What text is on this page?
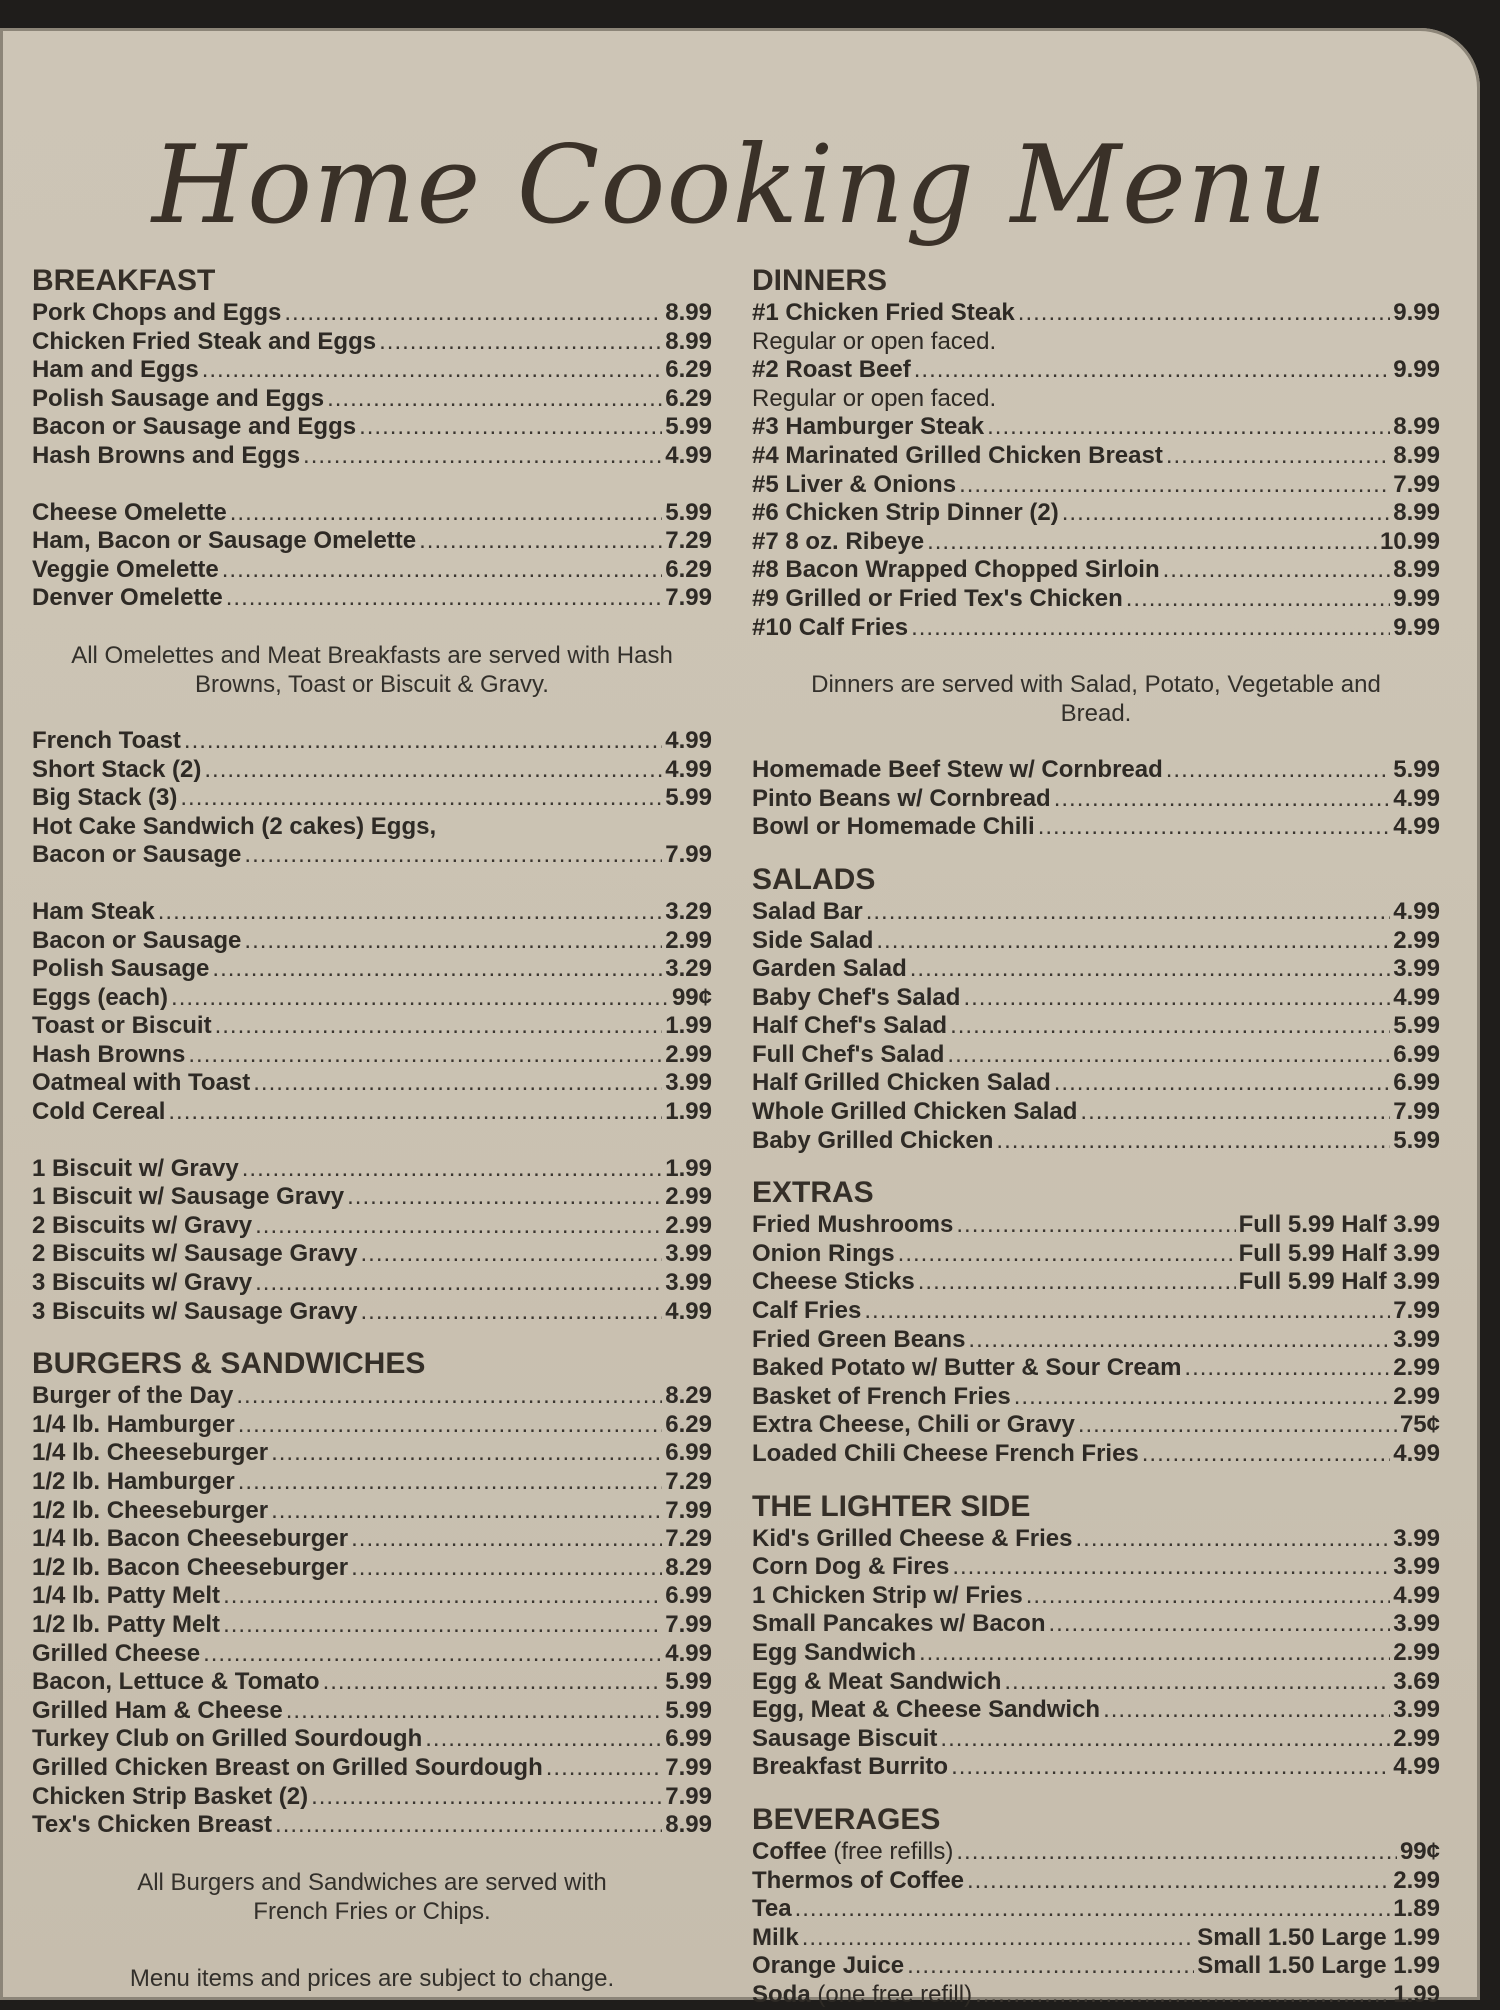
Home Cooking Menu
BREAKFAST
Pork Chops and Eggs .....	8.99
Chicken Fried Steak and Eggs .....	8.99
Ham and Eggs .....	6.29
Polish Sausage and Eggs .....	6.29
Bacon or Sausage and Eggs .....	5.99
Hash Browns and Eggs .....	4.99
Cheese Omelette .....	5.99
Ham, Bacon or Sausage Omelette .....	7.29
Veggie Omelette .....	6.29
Denver Omelette .....	7.99

All Omelettes and Meat Breakfasts are served with Hash
Browns, Toast or Biscuit & Gravy.

French Toast .....	4.99
Short Stack (2) .....	4.99
Big Stack (3) .....	5.99
Hot Cake Sandwich (2 cakes) Eggs,
Bacon or Sausage .....	7.99
Ham Steak .....	3.29
Bacon or Sausage .....	2.99
Polish Sausage .....	3.29
Eggs (each) .....	99¢
Toast or Biscuit .....	1.99
Hash Browns .....	2.99
Oatmeal with Toast .....	3.99
Cold Cereal .....	1.99
1 Biscuit w/ Gravy .....	1.99
1 Biscuit w/ Sausage Gravy .....	2.99
2 Biscuits w/ Gravy .....	2.99
2 Biscuits w/ Sausage Gravy .....	3.99
3 Biscuits w/ Gravy .....	3.99
3 Biscuits w/ Sausage Gravy .....	4.99
BURGERS & SANDWICHES
Burger of the Day .....	8.29
1/4 lb. Hamburger .....	6.29
1/4 lb. Cheeseburger .....	6.99
1/2 lb. Hamburger .....	7.29
1/2 lb. Cheeseburger .....	7.99
1/4 lb. Bacon Cheeseburger .....	7.29
1/2 lb. Bacon Cheeseburger .....	8.29
1/4 lb. Patty Melt .....	6.99
1/2 lb. Patty Melt .....	7.99
Grilled Cheese .....	4.99
Bacon, Lettuce & Tomato .....	5.99
Grilled Ham & Cheese .....	5.99
Turkey Club on Grilled Sourdough .....	6.99
Grilled Chicken Breast on Grilled Sourdough .....	7.99
Chicken Strip Basket (2) .....	7.99
Tex's Chicken Breast .....	8.99

All Burgers and Sandwiches are served with
French Fries or Chips.

Menu items and prices are subject to change.

DINNERS
#1 Chicken Fried Steak .....	9.99
Regular or open faced.
#2 Roast Beef .....	9.99
Regular or open faced.
#3 Hamburger Steak .....	8.99
#4 Marinated Grilled Chicken Breast .....	8.99
#5 Liver & Onions .....	7.99
#6 Chicken Strip Dinner (2) .....	8.99
#7 8 oz. Ribeye .....	10.99
#8 Bacon Wrapped Chopped Sirloin .....	8.99
#9 Grilled or Fried Tex's Chicken .....	9.99
#10 Calf Fries .....	9.99

Dinners are served with Salad, Potato, Vegetable and
Bread.

Homemade Beef Stew w/ Cornbread .....	5.99
Pinto Beans w/ Cornbread .....	4.99
Bowl or Homemade Chili .....	4.99
SALADS
Salad Bar .....	4.99
Side Salad .....	2.99
Garden Salad .....	3.99
Baby Chef's Salad .....	4.99
Half Chef's Salad .....	5.99
Full Chef's Salad .....	6.99
Half Grilled Chicken Salad .....	6.99
Whole Grilled Chicken Salad .....	7.99
Baby Grilled Chicken .....	5.99
EXTRAS
Fried Mushrooms .....	Full 5.99 Half 3.99
Onion Rings .....	Full 5.99 Half 3.99
Cheese Sticks .....	Full 5.99 Half 3.99
Calf Fries .....	7.99
Fried Green Beans .....	3.99
Baked Potato w/ Butter & Sour Cream .....	2.99
Basket of French Fries .....	2.99
Extra Cheese, Chili or Gravy .....	75¢
Loaded Chili Cheese French Fries .....	4.99
THE LIGHTER SIDE
Kid's Grilled Cheese & Fries .....	3.99
Corn Dog & Fires .....	3.99
1 Chicken Strip w/ Fries .....	4.99
Small Pancakes w/ Bacon .....	3.99
Egg Sandwich .....	2.99
Egg & Meat Sandwich .....	3.69
Egg, Meat & Cheese Sandwich .....	3.99
Sausage Biscuit .....	2.99
Breakfast Burrito .....	4.99
BEVERAGES
Coffee (free refills) .....	99¢
Thermos of Coffee .....	2.99
Tea .....	1.89
Milk .....	Small 1.50 Large 1.99
Orange Juice .....	Small 1.50 Large 1.99
Soda (one free refill) .....	1.99
